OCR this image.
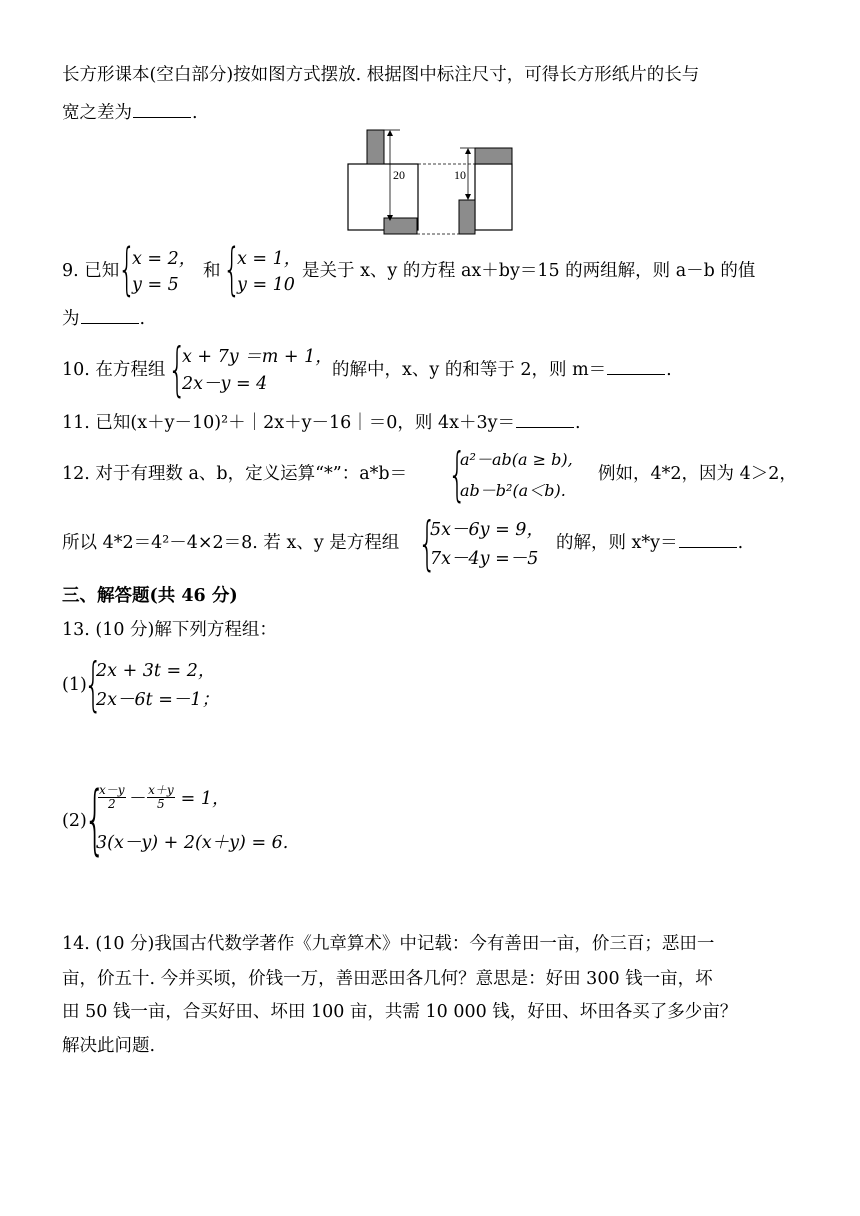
长方形课本(空白部分)按如图方式摆放. 根据图中标注尺寸，可得长方形纸片的长与
宽之差为	.
20	10
9. 已知
{
x = 2，
y = 5
和 {
x = 1，
y = 10
是关于 x、y 的方程 ax＋by＝15 的两组解，则 a－b 的值
为	.
10. 在方程组 {
x + 7y ＝m + 1，
2x－y = 4
的解中，x、y 的和等于 2，则 m＝	.
11. 已知(x＋y－10)²＋｜2x＋y－16｜＝0，则 4x＋3y＝	.
12. 对于有理数 a、b，定义运算“*”：a*b＝ {
a²－ab(a ≥ b),
ab－b²(a＜b).
例如，4*2，因为 4＞2，
所以 4*2＝4²－4×2＝8. 若 x、y 是方程组 {
5x－6y = 9，
7x－4y =－5
的解，则 x*y＝	.
三、解答题(共 46 分)
13. (10 分)解下列方程组：
(1)
{
2x + 3t = 2，
2x－6t =－1；
(2)
{
$\frac{x-y}{2} - \frac{x+y}{5} = 1$，
3(x－y) + 2(x＋y) = 6.
14. (10 分)我国古代数学著作《九章算术》中记载：今有善田一亩，价三百；恶田一
亩，价五十. 今并买顷，价钱一万，善田恶田各几何？意思是：好田 300 钱一亩，坏
田 50 钱一亩，合买好田、坏田 100 亩，共需 10 000 钱，好田、坏田各买了多少亩？
解决此问题.
